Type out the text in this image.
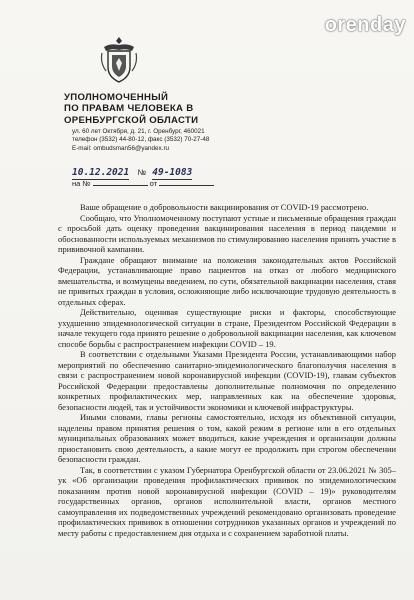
orenday
УПОЛНОМОЧЕННЫЙ
ПО ПРАВАМ ЧЕЛОВЕКА В
ОРЕНБУРГСКОЙ ОБЛАСТИ
ул. 60 лет Октября, д. 21, г. Оренбург, 460021
телефон (3532) 44-80-12, факс (3532) 70-27-48
E-mail: ombudsman56@yandex.ru
10.12.2021 № 49-1083
на №	от

Ваше обращение о добровольности вакцинирования от COVID-19 рассмотрено.

Сообщаю, что Уполномоченному поступают устные и письменные обращения граждан с просьбой дать оценку проведения вакцинирования населения в период пандемии и обоснованности используемых механизмов по стимулированию населения принять участие в прививочной кампании.

Граждане обращают внимание на положения законодательных актов Российской Федерации, устанавливающие право пациентов на отказ от любого медицинского вмешательства, и возмущены введением, по сути, обязательной вакцинации населения, ставя не привитых граждан в условия, осложняющие либо исключающие трудовую деятельность в отдельных сферах.

Действительно, оценивая существующие риски и факторы, способствующие ухудшению эпидемиологической ситуации в стране, Президентом Российской Федерации в начале текущего года принято решение о добровольной вакцинации населения, как ключевом способе борьбы с распространением инфекции COVID – 19.

В соответствии с отдельными Указами Президента России, устанавливающими набор мероприятий по обеспечению санитарно-эпидемиологического благополучия населения в связи с распространением новой коронавирусной инфекции (COVID-19), главам субъектов Российской Федерации предоставлены дополнительные полномочия по определению конкретных профилактических мер, направленных как на обеспечение здоровья, безопасности людей, так и устойчивости экономики и ключевой инфраструктуры.

Иными словами, главы регионы самостоятельно, исходя из объективной ситуации, наделены правом принятия решения о том, какой режим в регионе или в его отдельных муниципальных образованиях может вводиться, какие учреждения и организации должны приостановить свою деятельность, а какие могут ее продолжить при строгом обеспечении безопасности граждан.

Так, в соответствии с указом Губернатора Оренбургской области от 23.06.2021 № 305–ук «Об организации проведения профилактических прививок по эпидемиологическим показаниям против новой коронавирусной инфекции (COVID – 19)» руководителям государственных органов, органов исполнительной власти, органов местного самоуправления их подведомственных учреждений рекомендовано организовать проведение профилактических прививок в отношении сотрудников указанных органов и учреждений по месту работы с предоставлением дня отдыха и с сохранением заработной платы.
